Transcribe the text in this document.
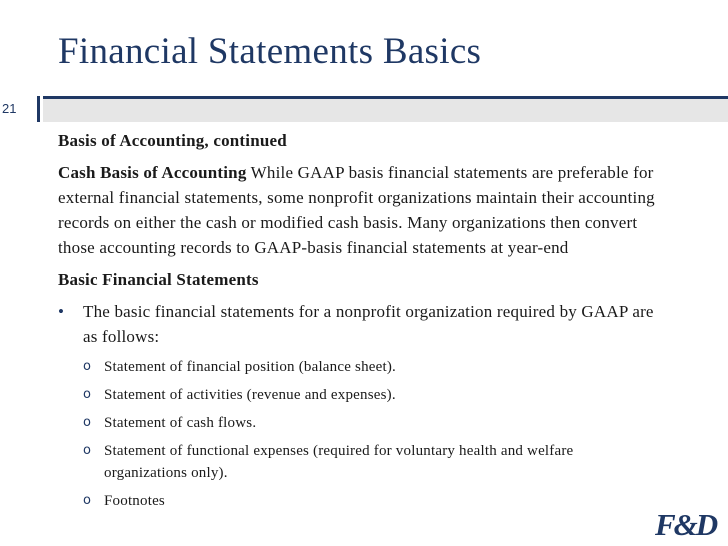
Financial Statements Basics
21

Basis of Accounting, continued

Cash Basis of Accounting While GAAP basis financial statements are preferable for external financial statements, some nonprofit organizations maintain their accounting records on either the cash or modified cash basis. Many organizations then convert those accounting records to GAAP-basis financial statements at year-end

Basic Financial Statements

• The basic financial statements for a nonprofit organization required by GAAP are as follows:
o Statement of financial position (balance sheet).
o Statement of activities (revenue and expenses).
o Statement of cash flows.
o Statement of functional expenses (required for voluntary health and welfare organizations only).
o Footnotes
F&D
